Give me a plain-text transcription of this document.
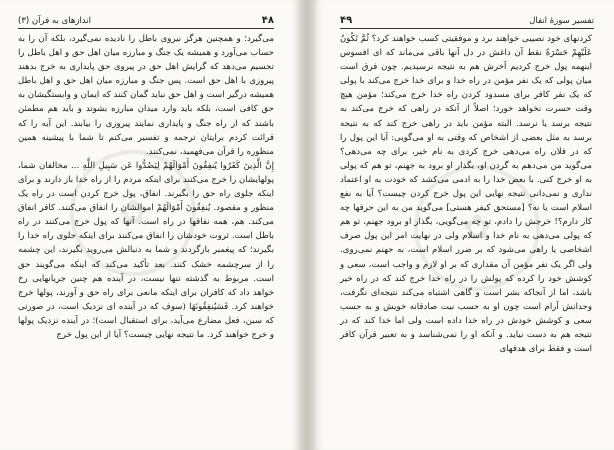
✿
۴۸
اندازهای به قرآن (۳)

می‌گیرد؛ و همچنین هرگز نیروی باطل را نادیده نمی‌گیرد، بلکه آن را به حساب می‌آورد و همیشه یک جنگ و مبارزه میان اهل حق و اهل باطل را تجسیم می‌دهد که گرایش اهل حق در پیروی حق پایداری به خرج بدهند پیروزی با اهل حق است. پس جنگ و مبارزه میان اهل حق و اهل باطل همیشه درگیر است و اهل حق نباید گمان کنند که ایمان و وابستگیشان به حق کافی است، بلکه باید وارد میدان مبارزه بشوند و باید هم مطمئن باشند که از راه جنگ و پایداری نمایند پیروزی را بیابند. این آیه را که قرائت کردم برایتان ترجمه و تفسیر می‌کنم تا شما با پیشینه همین منظوره را قرآن می‌فهمید، نمی‌کنند.

إِنَّ الَّذِينَ كَفَرُوا يُنفِقُونَ أَمْوَالَهُمْ لِيَصُدُّوا عَن سَبِيلِ اللَّهِ ... مخالفان شما، پولهایشان را خرج می‌کنند برای اینکه مردم را از راه خدا باز دارند و برای اینکه جلوی راه حق را بگیرند. انفاق، پول خرج کردن است در راه یک منظور و مقصود. يُنفِقُونَ أَمْوَالَهُمْ اموالشان را انفاق می‌کنند. کافر انفاق می‌کند. هم، همه نفاقها در راه است. آنها که پول خرج می‌کنند در راه باطل است. ثروت خودشان را انفاق می‌کنند برای اینکه جلوی راه خدا را بگیرند؛ که پیغمبر بازگردند و شما به دنبالش می‌روید بگیرند، این چشمه را از سرچشمه خشک کنند. بعد تأکید می‌کند که اینکه می‌گویند حق است. مربوط به گذشته تنها نیست، در آینده هم چنین جریانهایی رخ خواهد داد که کافران برای اینکه مانعی برای راه حق و آورند، پولها خرج خواهند کرد. فَسَيُنفِقُونَهَا (سوف که در آینده ای نزدیک است، در صورتی که سین، فعل مضارع می‌آید، برای استقبال است)؛ در آینده نزدیک پولها و خرج خواهند کرد. ما نتیجه نهایی چیست؟ آیا از این پول خرج

✿
تفسیر سورهٔ انفال
۴۹

کردنهای خود نصیبی خواهند برد و موفقیتی کسب خواهند کرد؟ ثُمَّ تَكُونُ عَلَيْهِمْ حَسْرَةً نقط آن داغش در دل آنها باقی می‌ماند که ای افسوس اینهمه پول خرج کردیم آخرش هم به نتیجه نرسیدیم. چون فرق است میان پولی که یک نفر مؤمن در راه خدا و برای خدا خرج می‌کند با پولی که یک نفر کافر برای مسدود کردن راه خدا خرج می‌کند؛ مؤمن هیچ وقت حسرت نخواهد خورد؛ اصلاً از آنکه در راهی که خرج می‌کند به نتیجه برسد یا نرسد. البته مؤمن باید در راهی خرج کند که به نتیجه برسد به مثل بعضی از اشخاص که وقتی به او می‌گویی: آیا این پول را که در فلان راه می‌دهی خرج کردی به نام خیر، برای چه می‌دهی؟ می‌گوید من می‌دهم به گردن او، بگذار او برود به جهنم، تو هم که پولی به او خرج کنی. با بعض خدا را به ادمی می‌کشد که خودت به او اعتماد نداری و نمی‌دانی نتیجه نهایی این پول خرج کردن چیست؟ آیا به نفع اسلام است یا نه؟ [مستحق کیفر هستی] می‌گوید من به این حرفها چه کار دارم؟! خرجش را دادم، تو چه می‌گویی، بگذار او برود جهنم، تو هم که پولی می‌دهی به نام خدا و اسلام ولی در نهایت امر این پول صرف اشخاصی یا راهی می‌شود که بر ضرر اسلام است، به جهنم نمی‌روی. ولی اگر یک نفر مؤمن آن مقداری که بر او لازم و واجب است، سعی و کوشش خود را کرده که پولش را در راه خدا خرج کند که در راه خیر باشد، اما از آنجاکه بشر است و گاهی اشتباه می‌کند نتیجه‌ای نگرفت، وجدانش آرام است چون او به حسب نیت صادقانه خویش و به حسب سعی و کوشش خودش در راه خدا داده است ولی اما خدا کند که در نتیجه هم به دست نیاید. و آنکه او را نمی‌شناسد و به تعبیر قرآن کافر است و فقط برای هدفهای
